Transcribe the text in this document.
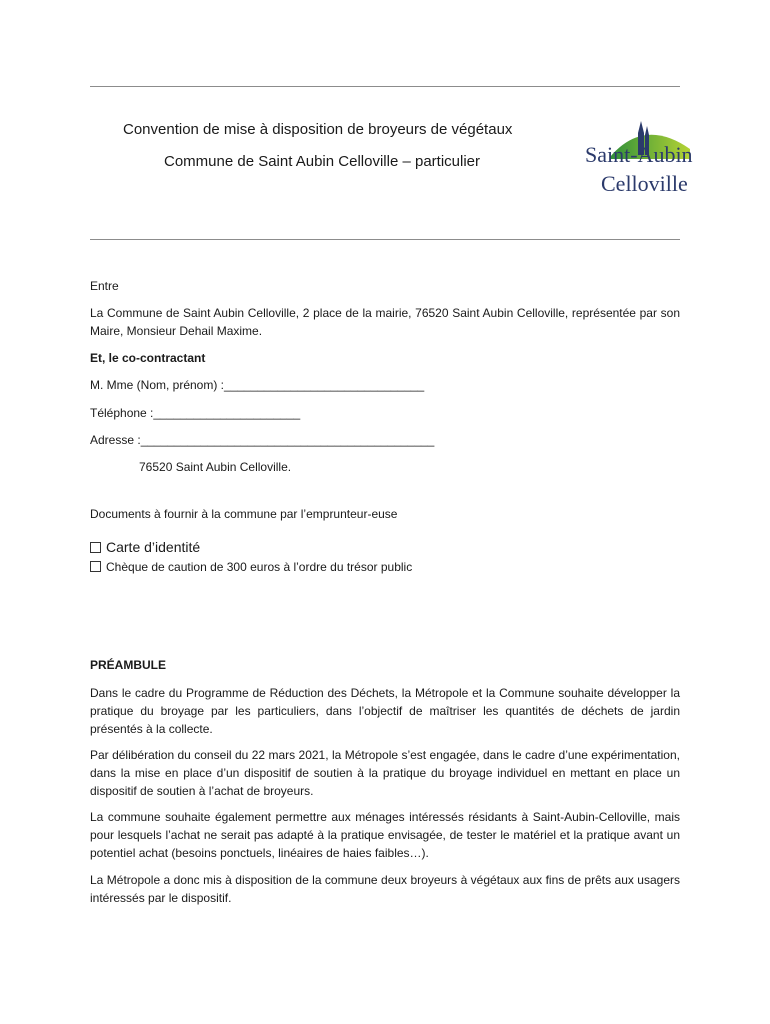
Convention de mise à disposition de broyeurs de végétaux
Commune de Saint Aubin Celloville – particulier	Saint-Aubin
Celloville
Entre
La Commune de Saint Aubin Celloville, 2 place de la mairie, 76520 Saint Aubin Celloville, représentée par son Maire, Monsieur Dehail Maxime.
Et, le co-contractant
M. Mme (Nom, prénom) :______________________________
Téléphone :______________________
Adresse :____________________________________________
76520 Saint Aubin Celloville.
Documents à fournir à la commune par l’emprunteur-euse
Carte d’identité
Chèque de caution de 300 euros à l’ordre du trésor public
PRÉAMBULE
Dans le cadre du Programme de Réduction des Déchets, la Métropole et la Commune souhaite développer la pratique du broyage par les particuliers, dans l’objectif de maîtriser les quantités de déchets de jardin présentés à la collecte.
Par délibération du conseil du 22 mars 2021, la Métropole s’est engagée, dans le cadre d’une expérimentation, dans la mise en place d’un dispositif de soutien à la pratique du broyage individuel en mettant en place un dispositif de soutien à l’achat de broyeurs.
La commune souhaite également permettre aux ménages intéressés résidants à Saint-Aubin-Celloville, mais pour lesquels l’achat ne serait pas adapté à la pratique envisagée, de tester le matériel et la pratique avant un potentiel achat (besoins ponctuels, linéaires de haies faibles…).
La Métropole a donc mis à disposition de la commune deux broyeurs à végétaux aux fins de prêts aux usagers intéressés par le dispositif.
